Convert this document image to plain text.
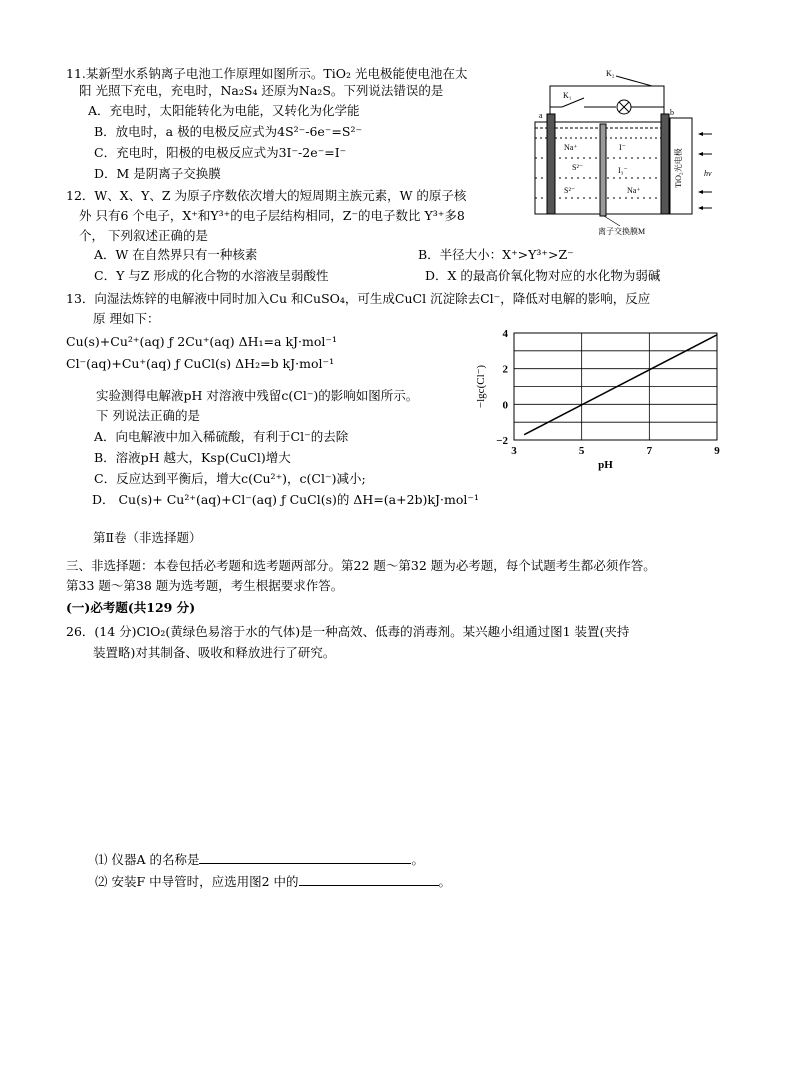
11.某新型水系钠离子电池工作原理如图所示。TiO₂ 光电极能使电池在太
阳 光照下充电，充电时，Na₂S₄ 还原为Na₂S。下列说法错误的是
A．充电时，太阳能转化为电能，又转化为化学能
B．放电时，a 极的电极反应式为4S²⁻-6e⁻=S²⁻
C．充电时，阳极的电极反应式为3I⁻-2e⁻=I⁻
D．M 是阴离子交换膜
K₂
K₁
a	b
TiO₂光电极
Na⁺
S²⁻
S²⁻
I⁻
I₃⁻
Na⁺
hv
离子交换膜M
12．W、X、Y、Z 为原子序数依次增大的短周期主族元素，W 的原子核
外 只有6 个电子，X⁺和Y³⁺的电子层结构相同，Z⁻的电子数比 Y³⁺多8
个， 下列叙述正确的是
A．W 在自然界只有一种核素	B．半径大小：X⁺>Y³⁺>Z⁻
C．Y 与Z 形成的化合物的水溶液呈弱酸性	D．X 的最高价氧化物对应的水化物为弱碱
13．向湿法炼锌的电解液中同时加入Cu 和CuSO₄，可生成CuCl 沉淀除去Cl⁻，降低对电解的影响，反应
原 理如下：
Cu(s)+Cu²⁺(aq) ƒ 2Cu⁺(aq) ΔH₁=a kJ·mol⁻¹
Cl⁻(aq)+Cu⁺(aq) ƒ CuCl(s) ΔH₂=b kJ·mol⁻¹
实验测得电解液pH 对溶液中残留c(Cl⁻)的影响如图所示。
下 列说法正确的是
A．向电解液中加入稀硫酸，有利于Cl⁻的去除
B．溶液pH 越大，Ksp(CuCl)增大
C．反应达到平衡后，增大c(Cu²⁺)，c(Cl⁻)减小;
D． Cu(s)+ Cu²⁺(aq)+Cl⁻(aq) ƒ CuCl(s)的 ΔH=(a+2b)kJ·mol⁻¹
4
2
0
−2
3	5	7	9
−lgc(Cl⁻)
pH
第Ⅱ卷（非选择题）
三、非选择题：本卷包括必考题和选考题两部分。第22 题～第32 题为必考题，每个试题考生都必须作答。
第33 题～第38 题为选考题，考生根据要求作答。
(一)必考题(共129 分)
26．(14 分)ClO₂(黄绿色易溶于水的气体)是一种高效、低毒的消毒剂。某兴趣小组通过图1 装置(夹持
装置略)对其制备、吸收和释放进行了研究。
⑴ 仪器A 的名称是	。
⑵ 安装F 中导管时，应选用图2 中的	。
